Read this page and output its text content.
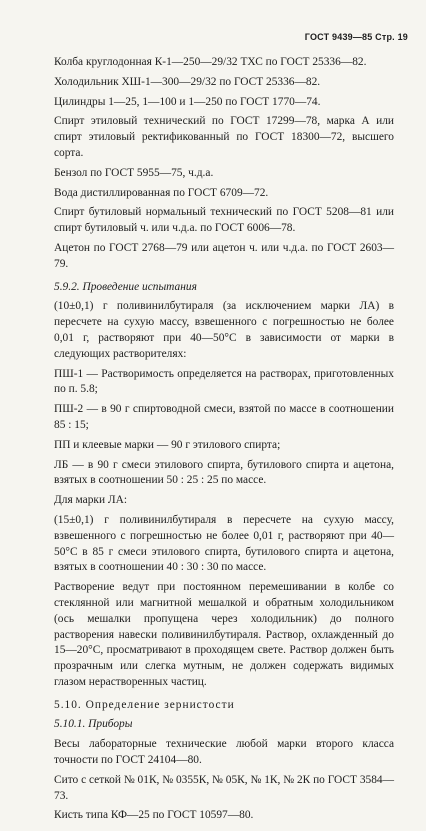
ГОСТ 9439—85 Стр. 19

Колба круглодонная К-1—250—29/32 ТХС по ГОСТ 25336—82.

Холодильник ХШ-1—300—29/32 по ГОСТ 25336—82.

Цилиндры 1—25, 1—100 и 1—250 по ГОСТ 1770—74.

Спирт этиловый технический по ГОСТ 17299—78, марка А или спирт этиловый ректификованный по ГОСТ 18300—72, высшего сорта.

Бензол по ГОСТ 5955—75, ч.д.а.

Вода дистиллированная по ГОСТ 6709—72.

Спирт бутиловый нормальный технический по ГОСТ 5208—81 или спирт бутиловый ч. или ч.д.а. по ГОСТ 6006—78.

Ацетон по ГОСТ 2768—79 или ацетон ч. или ч.д.а. по ГОСТ 2603—79.

5.9.2. Проведение испытания

(10±0,1) г поливинилбутираля (за исключением марки ЛА) в пересчете на сухую массу, взвешенного с погрешностью не более 0,01 г, растворяют при 40—50°С в зависимости от марки в следующих растворителях:

ПШ-1 — Растворимость определяется на растворах, приготовленных по п. 5.8;

ПШ-2 — в 90 г спиртоводной смеси, взятой по массе в соотношении 85 : 15;

ПП и клеевые марки — 90 г этилового спирта;

ЛБ — в 90 г смеси этилового спирта, бутилового спирта и ацетона, взятых в соотношении 50 : 25 : 25 по массе.

Для марки ЛА:

(15±0,1) г поливинилбутираля в пересчете на сухую массу, взвешенного с погрешностью не более 0,01 г, растворяют при 40—50°С в 85 г смеси этилового спирта, бутилового спирта и ацетона, взятых в соотношении 40 : 30 : 30 по массе.

Растворение ведут при постоянном перемешивании в колбе со стеклянной или магнитной мешалкой и обратным холодильником (ось мешалки пропущена через холодильник) до полного растворения навески поливинилбутираля. Раствор, охлажденный до 15—20°С, просматривают в проходящем свете. Раствор должен быть прозрачным или слегка мутным, не должен содержать видимых глазом нерастворенных частиц.

5.10. Определение зернистости

5.10.1. Приборы

Весы лабораторные технические любой марки второго класса точности по ГОСТ 24104—80.

Сито с сеткой № 01К, № 0355К, № 05К, № 1К, № 2К по ГОСТ 3584—73.

Кисть типа КФ—25 по ГОСТ 10597—80.
